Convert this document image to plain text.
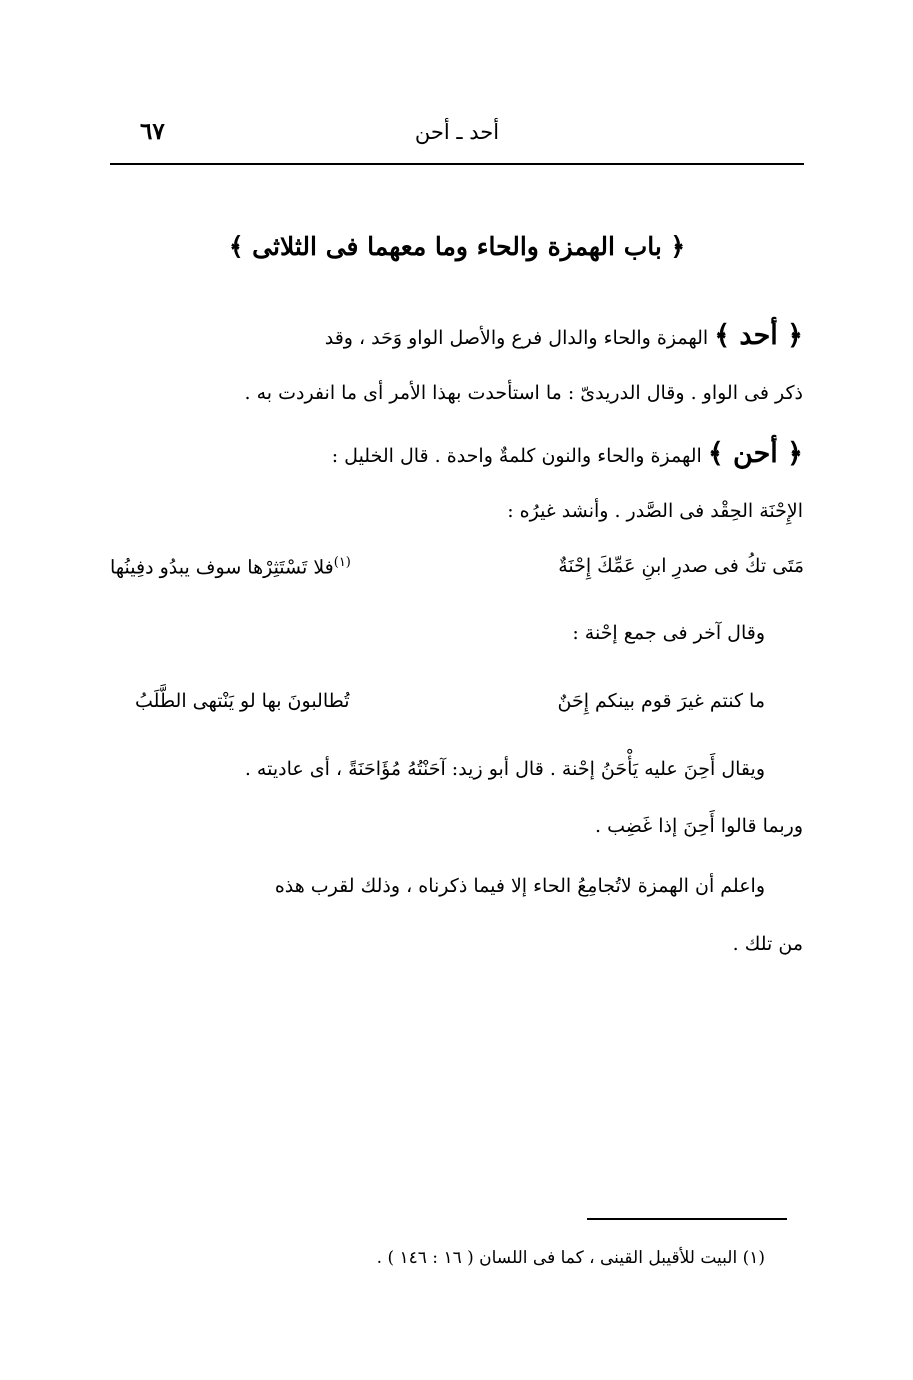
٦٧	أحد ـ أحن
﴿ باب الهمزة والحاء وما معهما فى الثلاثى ﴾
﴿ أحد ﴾ الهمزة والحاء والدال فرع والأصل الواو وَحَد ، وقد
ذكر فى الواو . وقال الدريدىّ : ما استأحدت بهذا الأمر أى ما انفردت به .
﴿ أحن ﴾ الهمزة والحاء والنون كلمةٌ واحدة . قال الخليل :
الإِحْنَة الحِقْد فى الصَّدر . وأنشد غيرُه :
مَتَى تكُ فى صدرِ ابنِ عَمِّكَ إِحْنَةٌ
$^{(١)}$فلا تَسْتَثِرْها سوف يبدُو دفِينُها
وقال آخر فى جمع إحْنة :
ما كنتم غيرَ قوم بينكم إِحَنٌ
تُطالبونَ بها لو يَنْتهى الطَّلَبُ
ويقال أَحِنَ عليه يَأْحَنُ إحْنة . قال أبو زيد: آحَنْتُهُ مُؤَاحَنَةً ، أى عاديته .
وربما قالوا أَحِنَ إذا غَضِب .
واعلم أن الهمزة لاتُجامِعُ الحاء إلا فيما ذكرناه ، وذلك لقرب هذه
من تلك .
(١) البيت للأقيبل القينى ، كما فى اللسان ( ١٦ : ١٤٦ ) .
